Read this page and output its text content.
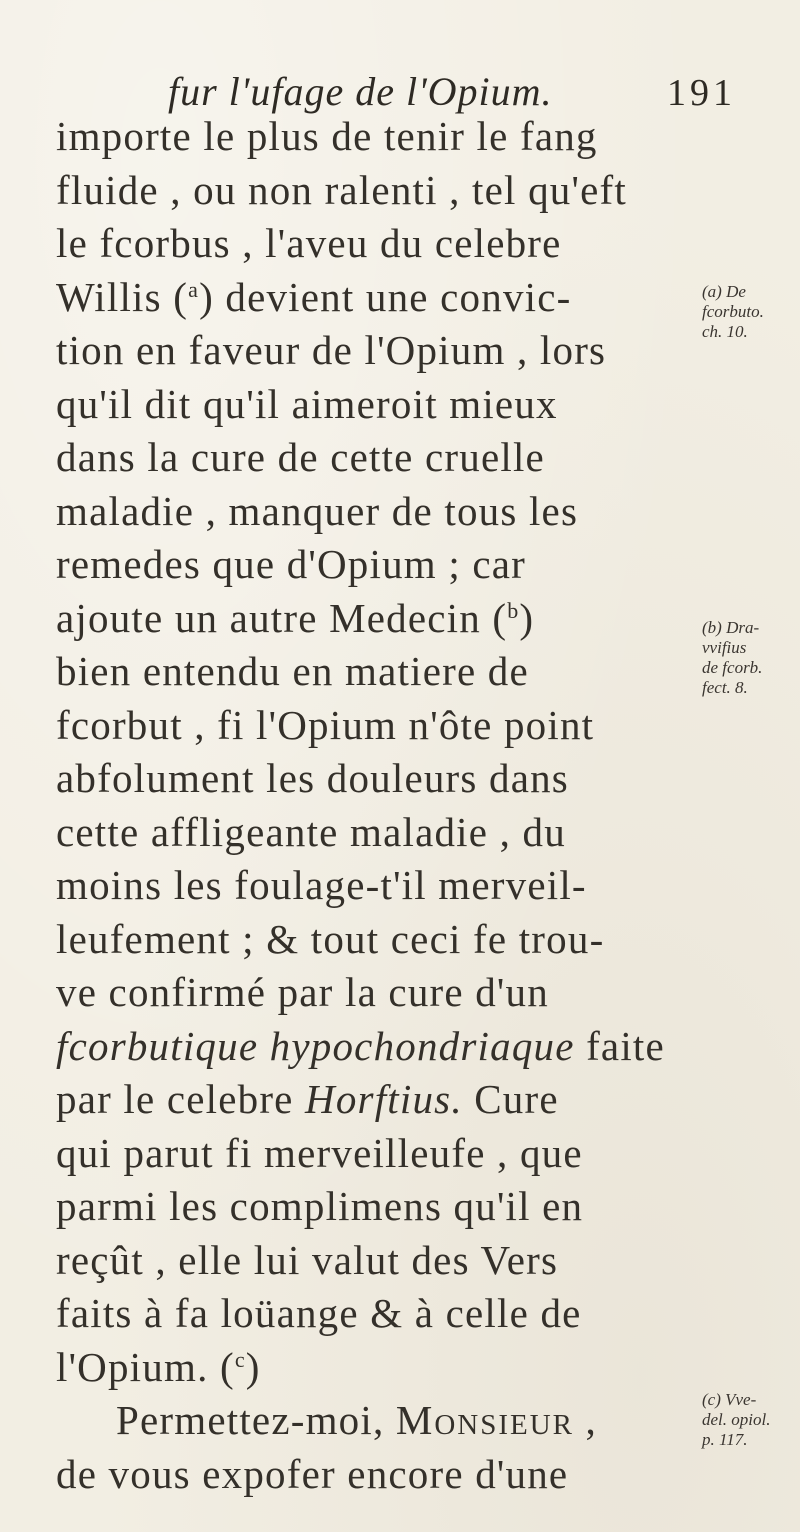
fur l'ufage de l'Opium.	191
importe le plus de tenir le fang
fluide , ou non ralenti , tel qu'eft
le fcorbus , l'aveu du celebre
Willis ($^a$) devient une convic-
tion en faveur de l'Opium , lors
qu'il dit qu'il aimeroit mieux
dans la cure de cette cruelle
maladie , manquer de tous les
remedes que d'Opium ; car
ajoute un autre Medecin ($^b$)
bien entendu en matiere de
fcorbut , fi l'Opium n'ôte point
abfolument les douleurs dans
cette affligeante maladie , du
moins les foulage-t'il merveil-
leufement ; & tout ceci fe trou-
ve confirmé par la cure d'un
fcorbutique hypochondriaque faite
par le celebre Horftius. Cure
qui parut fi merveilleufe , que
parmi les complimens qu'il en
reçût , elle lui valut des Vers
faits à fa loüange & à celle de
l'Opium. ($^c$)
Permettez-moi, Monsieur ,
de vous expofer encore d'une
(a) De
fcorbuto.
ch. 10.
(b) Dra-
vvifius
de fcorb.
fect. 8.
(c) Vve-
del. opiol.
p. 117.
